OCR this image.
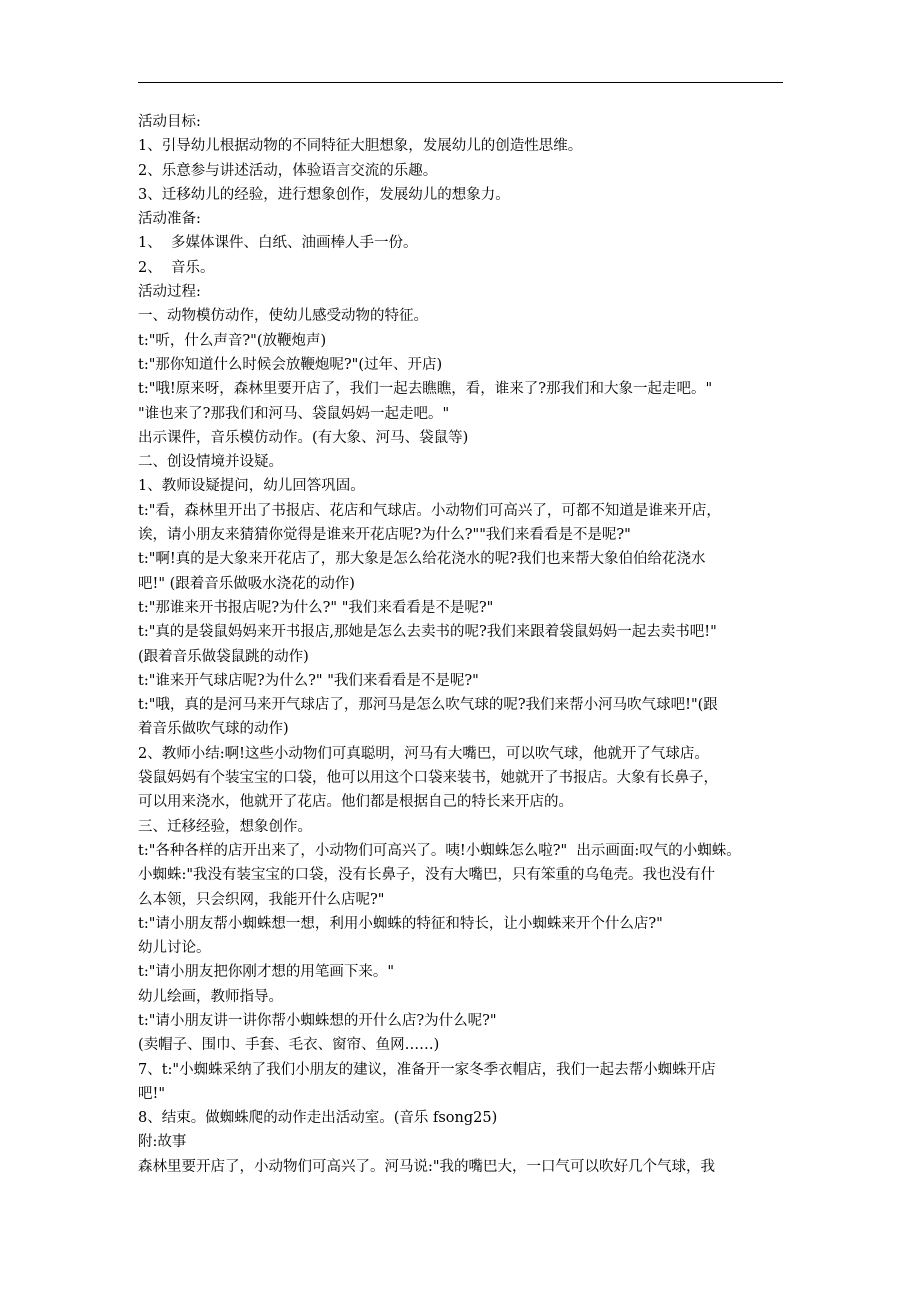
活动目标:

1、引导幼儿根据动物的不同特征大胆想象，发展幼儿的创造性思维。

2、乐意参与讲述活动，体验语言交流的乐趣。

3、迁移幼儿的经验，进行想象创作，发展幼儿的想象力。

活动准备:

1、  多媒体课件、白纸、油画棒人手一份。

2、  音乐。

活动过程:

一、动物模仿动作，使幼儿感受动物的特征。

t:"听，什么声音?"(放鞭炮声)

t:"那你知道什么时候会放鞭炮呢?"(过年、开店)

t:"哦!原来呀，森林里要开店了，我们一起去瞧瞧，看，谁来了?那我们和大象一起走吧。"

"谁也来了?那我们和河马、袋鼠妈妈一起走吧。"

出示课件，音乐模仿动作。(有大象、河马、袋鼠等)

二、创设情境并设疑。

1、教师设疑提问，幼儿回答巩固。

t:"看，森林里开出了书报店、花店和气球店。小动物们可高兴了，可都不知道是谁来开店，

诶，请小朋友来猜猜你觉得是谁来开花店呢?为什么?""我们来看看是不是呢?"

t:"啊!真的是大象来开花店了，那大象是怎么给花浇水的呢?我们也来帮大象伯伯给花浇水

吧!" (跟着音乐做吸水浇花的动作)

t:"那谁来开书报店呢?为什么?" "我们来看看是不是呢?"

t:"真的是袋鼠妈妈来开书报店,那她是怎么去卖书的呢?我们来跟着袋鼠妈妈一起去卖书吧!"

(跟着音乐做袋鼠跳的动作)

t:"谁来开气球店呢?为什么?" "我们来看看是不是呢?"

t:"哦，真的是河马来开气球店了，那河马是怎么吹气球的呢?我们来帮小河马吹气球吧!"(跟

着音乐做吹气球的动作)

2、教师小结:啊!这些小动物们可真聪明，河马有大嘴巴，可以吹气球，他就开了气球店。

袋鼠妈妈有个装宝宝的口袋，他可以用这个口袋来装书，她就开了书报店。大象有长鼻子，

可以用来浇水，他就开了花店。他们都是根据自己的特长来开店的。

三、迁移经验，想象创作。

t:"各种各样的店开出来了，小动物们可高兴了。咦!小蜘蛛怎么啦?"  出示画面:叹气的小蜘蛛。

小蜘蛛:"我没有装宝宝的口袋，没有长鼻子，没有大嘴巴，只有笨重的乌龟壳。我也没有什

么本领，只会织网，我能开什么店呢?"

t:"请小朋友帮小蜘蛛想一想，利用小蜘蛛的特征和特长，让小蜘蛛来开个什么店?"

幼儿讨论。

t:"请小朋友把你刚才想的用笔画下来。"

幼儿绘画，教师指导。

t:"请小朋友讲一讲你帮小蜘蛛想的开什么店?为什么呢?"

(卖帽子、围巾、手套、毛衣、窗帘、鱼网……)

7、t:"小蜘蛛采纳了我们小朋友的建议，准备开一家冬季衣帽店，我们一起去帮小蜘蛛开店

吧!"

8、结束。做蜘蛛爬的动作走出活动室。(音乐 fsong25)

附:故事

森林里要开店了，小动物们可高兴了。河马说:"我的嘴巴大，一口气可以吹好几个气球，我
